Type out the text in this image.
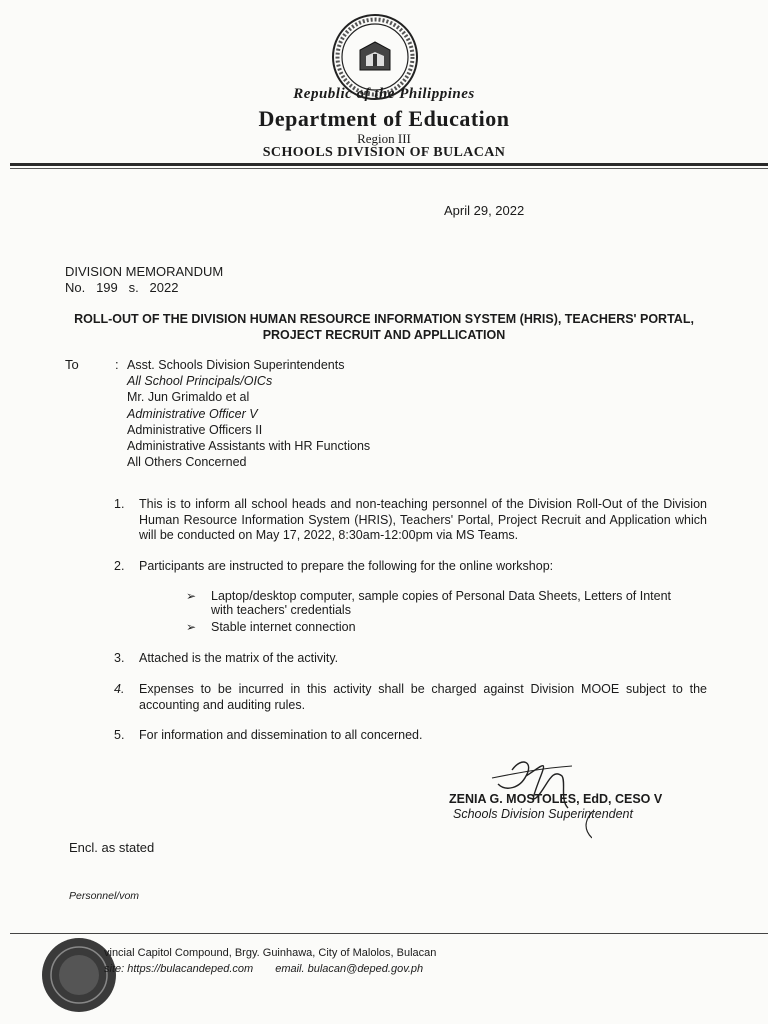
Republic of the Philippines
Department of Education
Region III
SCHOOLS DIVISION OF BULACAN
April 29, 2022
DIVISION MEMORANDUM
No.   199   s.   2022
ROLL-OUT OF THE DIVISION HUMAN RESOURCE INFORMATION SYSTEM (HRIS), TEACHERS' PORTAL,
PROJECT RECRUIT AND APPLLICATION
To	: Asst. Schools Division Superintendents
All School Principals/OICs
Mr. Jun Grimaldo et al
Administrative Officer V
Administrative Officers II
Administrative Assistants with HR Functions
All Others Concerned
1. This is to inform all school heads and non-teaching personnel of the Division Roll-Out of the Division Human Resource Information System (HRIS), Teachers' Portal, Project Recruit and Application which will be conducted on May 17, 2022, 8:30am-12:00pm via MS Teams.
2. Participants are instructed to prepare the following for the online workshop:
➢ Laptop/desktop computer, sample copies of Personal Data Sheets, Letters of Intent with teachers' credentials
➢ Stable internet connection
3. Attached is the matrix of the activity.
4. Expenses to be incurred in this activity shall be charged against Division MOOE subject to the accounting and auditing rules.
5. For information and dissemination to all concerned.
ZENIA G. MOSTOLES, EdD, CESO V
Schools Division Superintendent
Encl. as stated
Personnel/vom
vincial Capitol Compound, Brgy. Guinhawa, City of Malolos, Bulacan
site: https://bulacandeped.com email. bulacan@deped.gov.ph
